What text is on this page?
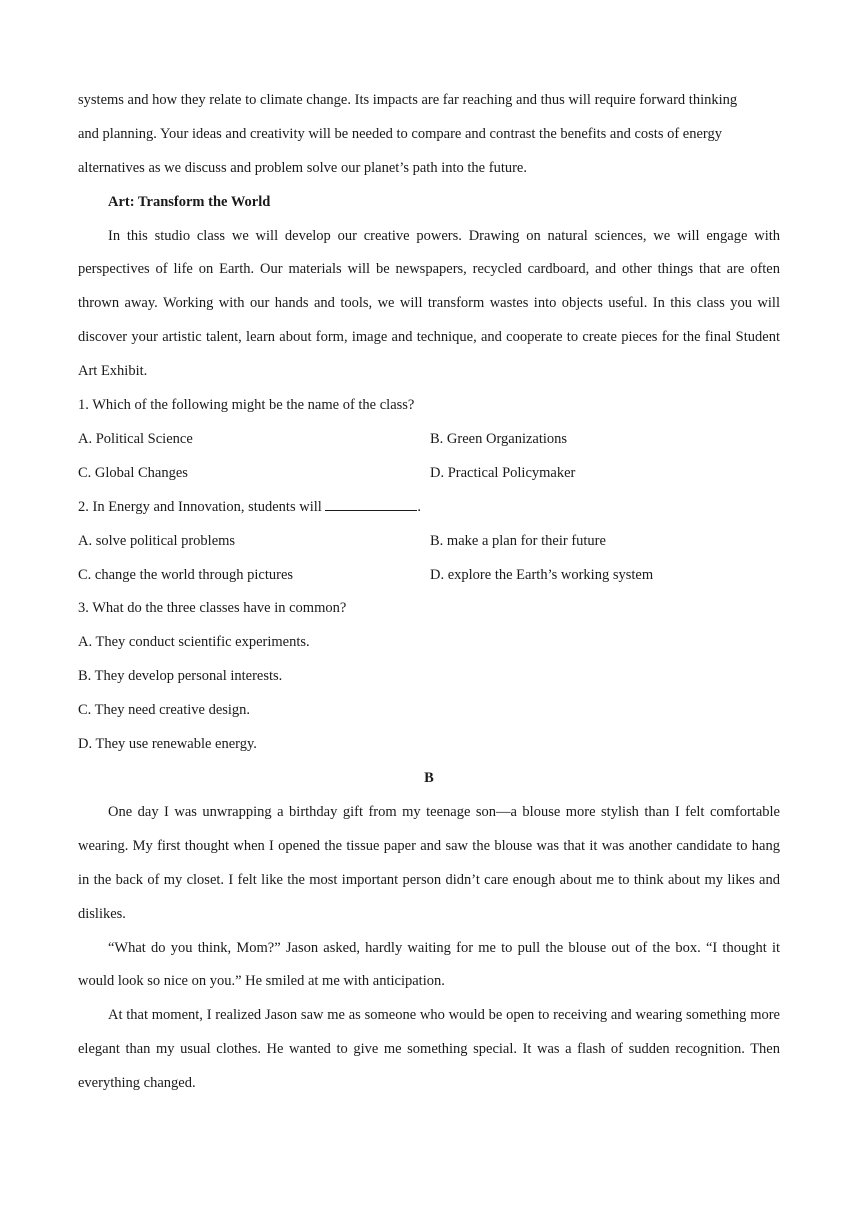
systems and how they relate to climate change. Its impacts are far reaching and thus will require forward thinking
and planning. Your ideas and creativity will be needed to compare and contrast the benefits and costs of energy
alternatives as we discuss and problem solve our planet’s path into the future.
Art: Transform the World

In this studio class we will develop our creative powers. Drawing on natural sciences, we will engage with perspectives of life on Earth. Our materials will be newspapers, recycled cardboard, and other things that are often thrown away. Working with our hands and tools, we will transform wastes into objects useful. In this class you will discover your artistic talent, learn about form, image and technique, and cooperate to create pieces for the final Student Art Exhibit.

1. Which of the following might be the name of the class?
A. Political Science	B. Green Organizations
C. Global Changes	D. Practical Policymaker
2. In Energy and Innovation, students will	.
A. solve political problems	B. make a plan for their future
C. change the world through pictures	D. explore the Earth’s working system
3. What do the three classes have in common?
A. They conduct scientific experiments.
B. They develop personal interests.
C. They need creative design.
D. They use renewable energy.
B

One day I was unwrapping a birthday gift from my teenage son—a blouse more stylish than I felt comfortable wearing. My first thought when I opened the tissue paper and saw the blouse was that it was another candidate to hang in the back of my closet. I felt like the most important person didn’t care enough about me to think about my likes and dislikes.

“What do you think, Mom?” Jason asked, hardly waiting for me to pull the blouse out of the box. “I thought it would look so nice on you.” He smiled at me with anticipation.

At that moment, I realized Jason saw me as someone who would be open to receiving and wearing something more elegant than my usual clothes. He wanted to give me something special. It was a flash of sudden recognition. Then everything changed.
